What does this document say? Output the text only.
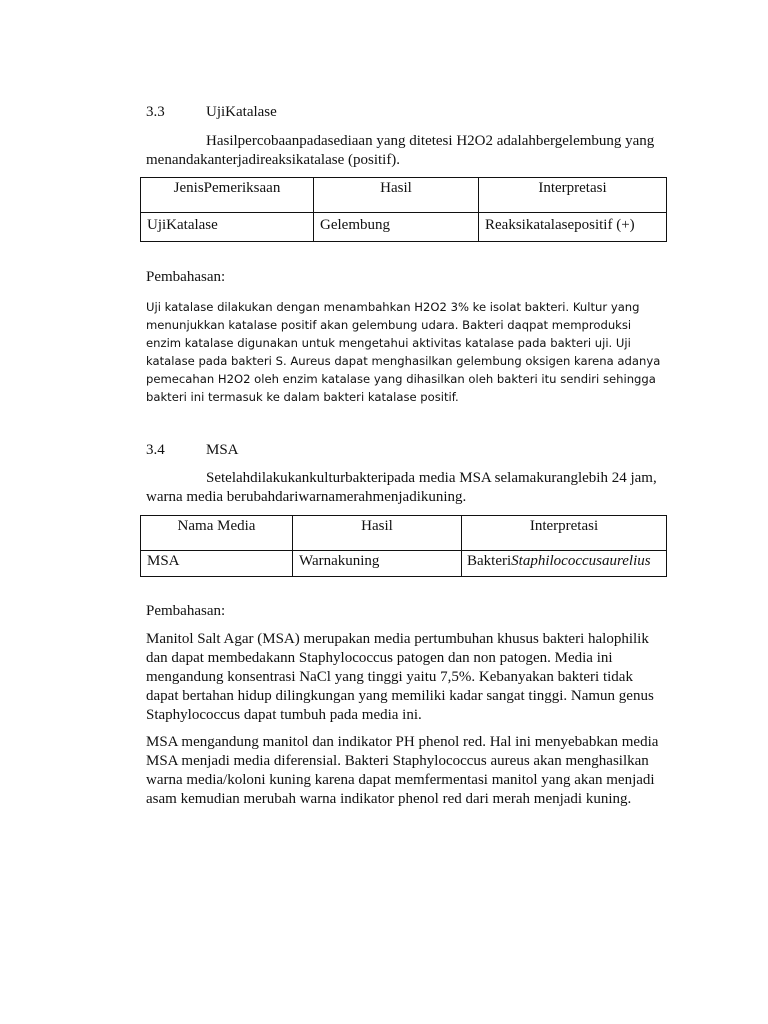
3.3	UjiKatalase
Hasilpercobaanpadasediaan yang ditetesi H2O2 adalahbergelembung yang menandakanterjadireaksikatalase (positif).
JenisPemeriksaan	Hasil	Interpretasi
UjiKatalase	Gelembung	Reaksikatalasepositif (+)
Pembahasan:
Uji katalase dilakukan dengan menambahkan H2O2 3% ke isolat bakteri. Kultur yang
menunjukkan katalase positif akan gelembung udara. Bakteri daqpat memproduksi
enzim katalase digunakan untuk mengetahui aktivitas katalase pada bakteri uji. Uji
katalase pada bakteri S. Aureus dapat menghasilkan gelembung oksigen karena adanya
pemecahan H2O2 oleh enzim katalase yang dihasilkan oleh bakteri itu sendiri sehingga
bakteri ini termasuk ke dalam bakteri katalase positif.
3.4	MSA
Setelahdilakukankulturbakteripada media MSA selamakuranglebih 24 jam, warna media berubahdariwarnamerahmenjadikuning.
Nama Media	Hasil	Interpretasi
MSA	Warnakuning	BakteriStaphilococcusaurelius
Pembahasan:
Manitol Salt Agar (MSA) merupakan media pertumbuhan khusus bakteri halophilik dan dapat membedakann Staphylococcus patogen dan non patogen. Media ini mengandung konsentrasi NaCl yang tinggi yaitu 7,5%. Kebanyakan bakteri tidak dapat bertahan hidup dilingkungan yang memiliki kadar sangat tinggi. Namun genus Staphylococcus dapat tumbuh pada media ini.
MSA mengandung manitol dan indikator PH phenol red. Hal ini menyebabkan media MSA menjadi media diferensial. Bakteri Staphylococcus aureus akan menghasilkan warna media/koloni kuning karena dapat memfermentasi manitol yang akan menjadi asam kemudian merubah warna indikator phenol red dari merah menjadi kuning.
